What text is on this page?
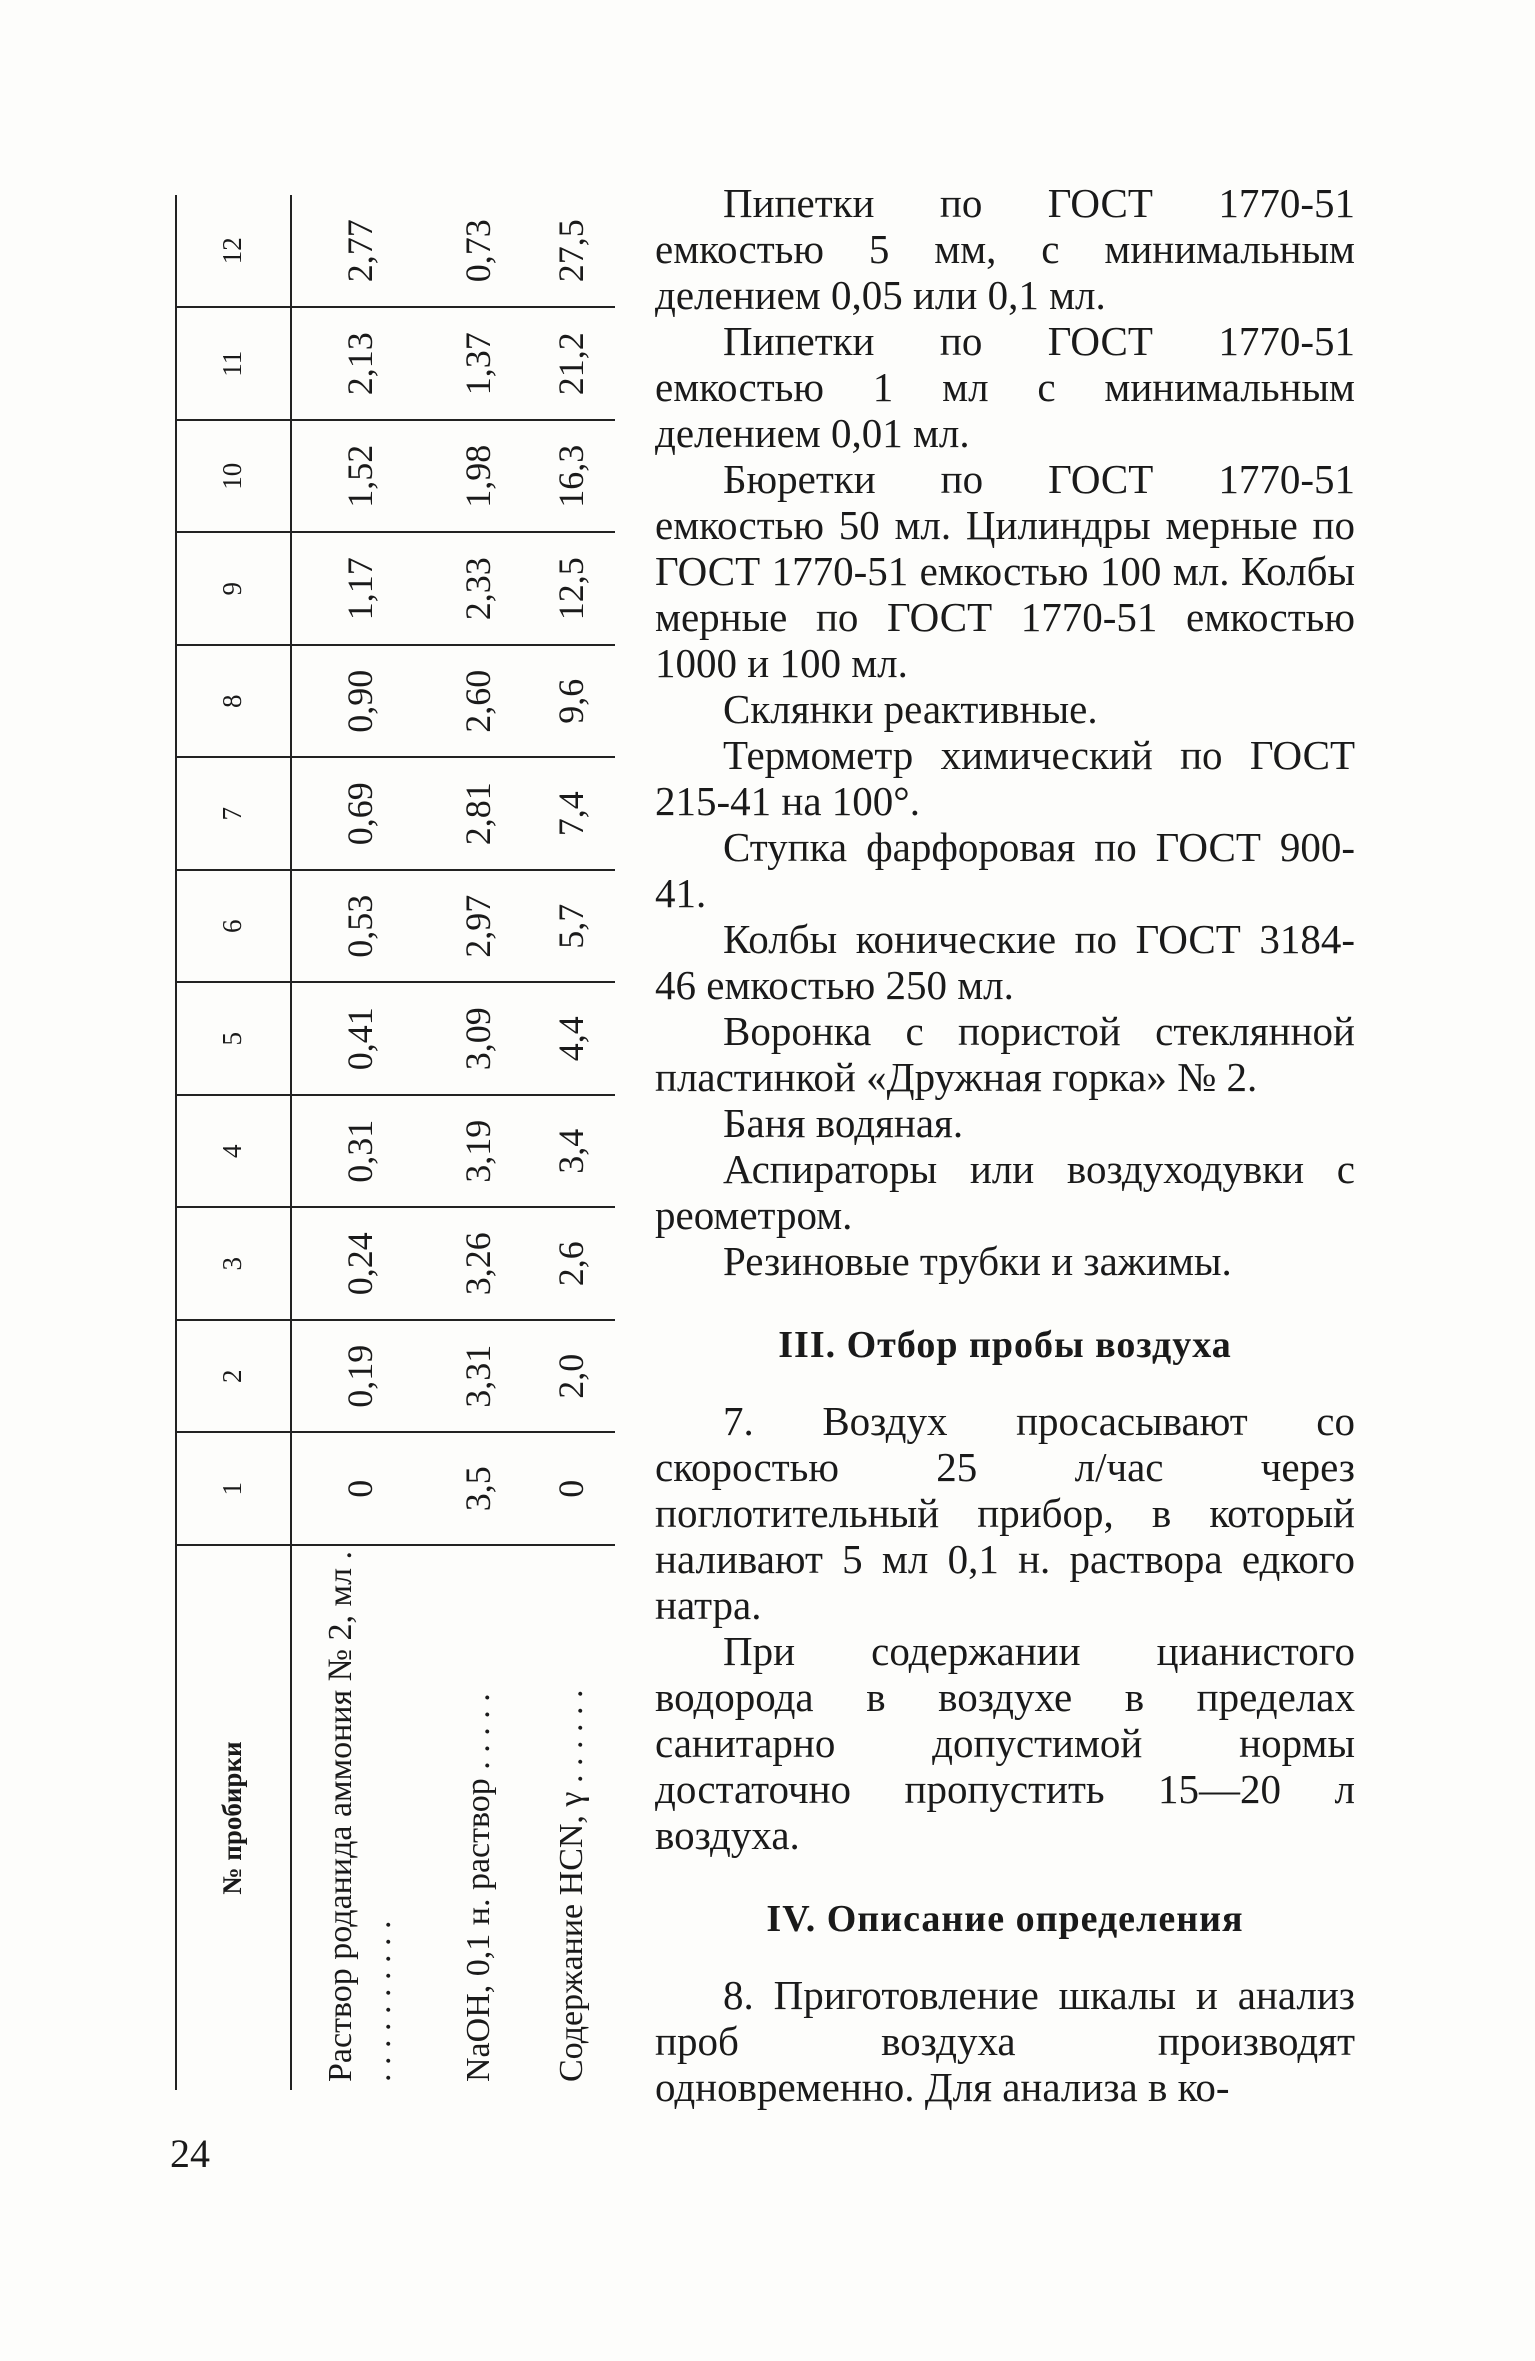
№ пробирки	1	2	3	4	5	6	7	8	9	10	11	12
Раствор роданида аммония № 2, мл . . . . . . . . . . .	0	0,19	0,24	0,31	0,41	0,53	0,69	0,90	1,17	1,52	2,13	2,77
NaOH, 0,1 н. раствор . . . . .	3,5	3,31	3,26	3,19	3,09	2,97	2,81	2,60	2,33	1,98	1,37	0,73
Содержание HCN, γ . . . . . .	0	2,0	2,6	3,4	4,4	5,7	7,4	9,6	12,5	16,3	21,2	27,5

Пипетки по ГОСТ 1770-51 емкостью 5 мм, с минимальным делением 0,05 или 0,1 мл.

Пипетки по ГОСТ 1770-51 емкостью 1 мл с минимальным делением 0,01 мл.

Бюретки по ГОСТ 1770-51 емкостью 50 мл. Цилиндры мерные по ГОСТ 1770-51 емкостью 100 мл. Колбы мерные по ГОСТ 1770-51 емкостью 1000 и 100 мл.

Склянки реактивные.

Термометр химический по ГОСТ 215-41 на 100°.

Ступка фарфоровая по ГОСТ 900-41.

Колбы конические по ГОСТ 3184-46 емкостью 250 мл.

Воронка с пористой стеклянной пластинкой «Дружная горка» № 2.

Баня водяная.

Аспираторы или воздуходувки с реометром.

Резиновые трубки и зажимы.

III. Отбор пробы воздуха

7. Воздух просасывают со скоростью 25 л/час через поглотительный прибор, в который наливают 5 мл 0,1 н. раствора едкого натра.

При содержании цианистого водорода в воздухе в пределах санитарно допустимой нормы достаточно пропустить 15—20 л воздуха.

IV. Описание определения

8. Приготовление шкалы и анализ проб воздуха производят одновременно. Для анализа в ко-

24
